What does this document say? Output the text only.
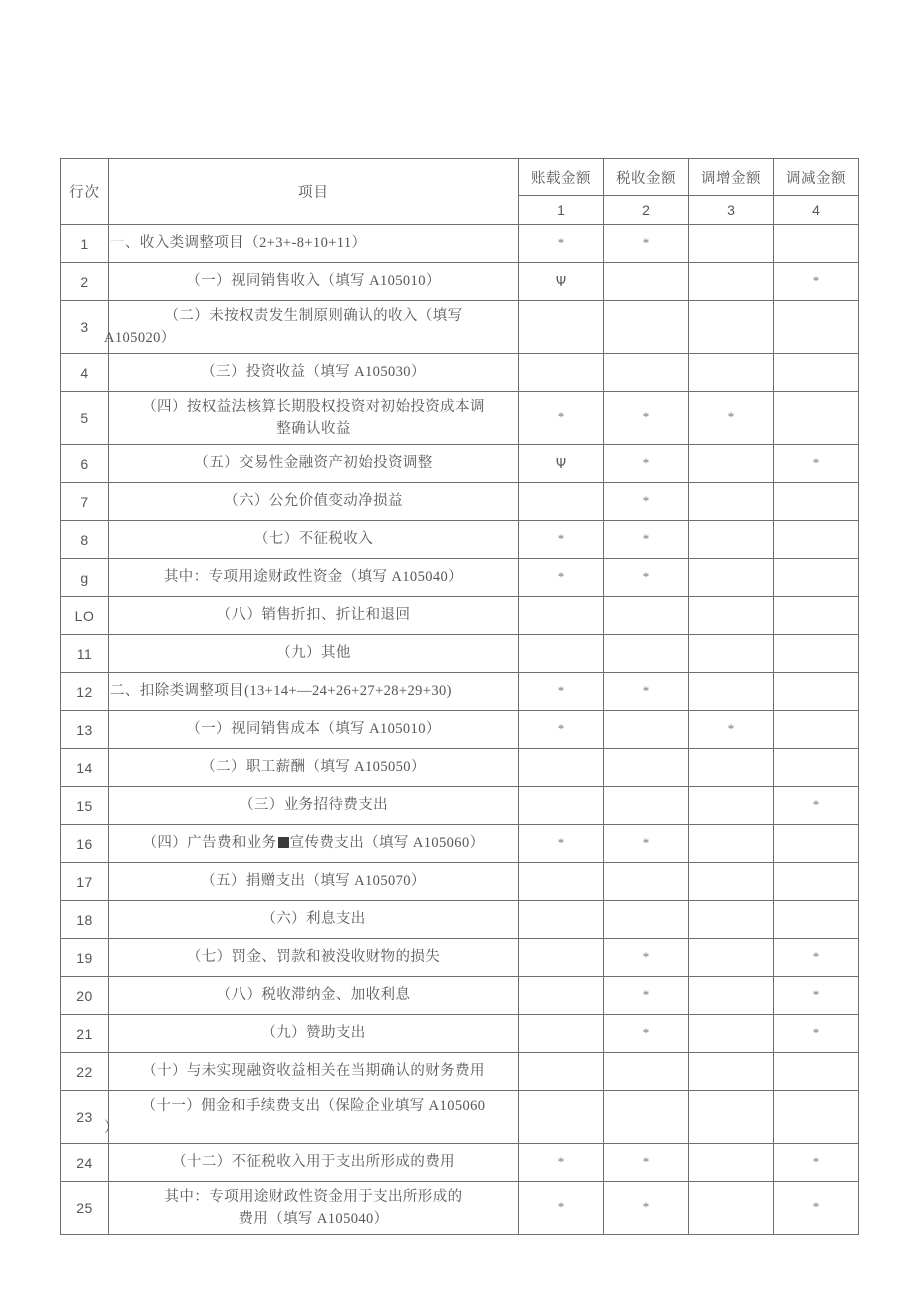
行次	项目	账载金额	税收金额	调增金额	调减金额
		1	2	3	4
1	一、收入类调整项目（2+3+-8+10+11）	*	*		
2	（一）视同销售收入（填写 A105010）	Ψ			*
3	（二）未按权责发生制原则确认的收入（填写
A105020）				

4	（三）投资收益（填写 A105030）				
5	（四）按权益法核算长期股权投资对初始投资成本调
整确认收益	*	*	*	
6	（五）交易性金融资产初始投资调整	Ψ	*		*
7	（六）公允价值变动净损益		*		
8	（七）不征税收入	*	*		
g	其中：专项用途财政性资金（填写 A105040）	*	*		
LO	（八）销售折扣、折让和退回				
11	（九）其他				
12	二、扣除类调整项目(13+14+—24+26+27+28+29+30)	*	*		
13	（一）视同销售成本（填写 A105010）	*		*	
14	（二）职工薪酬（填写 A105050）				
15	（三）业务招待费支出				*
16	（四）广告费和业务 宣传费支出（填写 A105060）	*	*		
17	（五）捐赠支出（填写 A105070）				
18	（六）利息支出				
19	（七）罚金、罚款和被没收财物的损失		*		*
20	（八）税收滞纳金、加收利息		*		*
21	（九）赞助支出		*		*
22	（十）与未实现融资收益相关在当期确认的财务费用				
23	（十一）佣金和手续费支出（保险企业填写 A105060
）				

24	（十二）不征税收入用于支出所形成的费用	*	*		*
25	其中：专项用途财政性资金用于支出所形成的
费用（填写 A105040）	*	*		*
